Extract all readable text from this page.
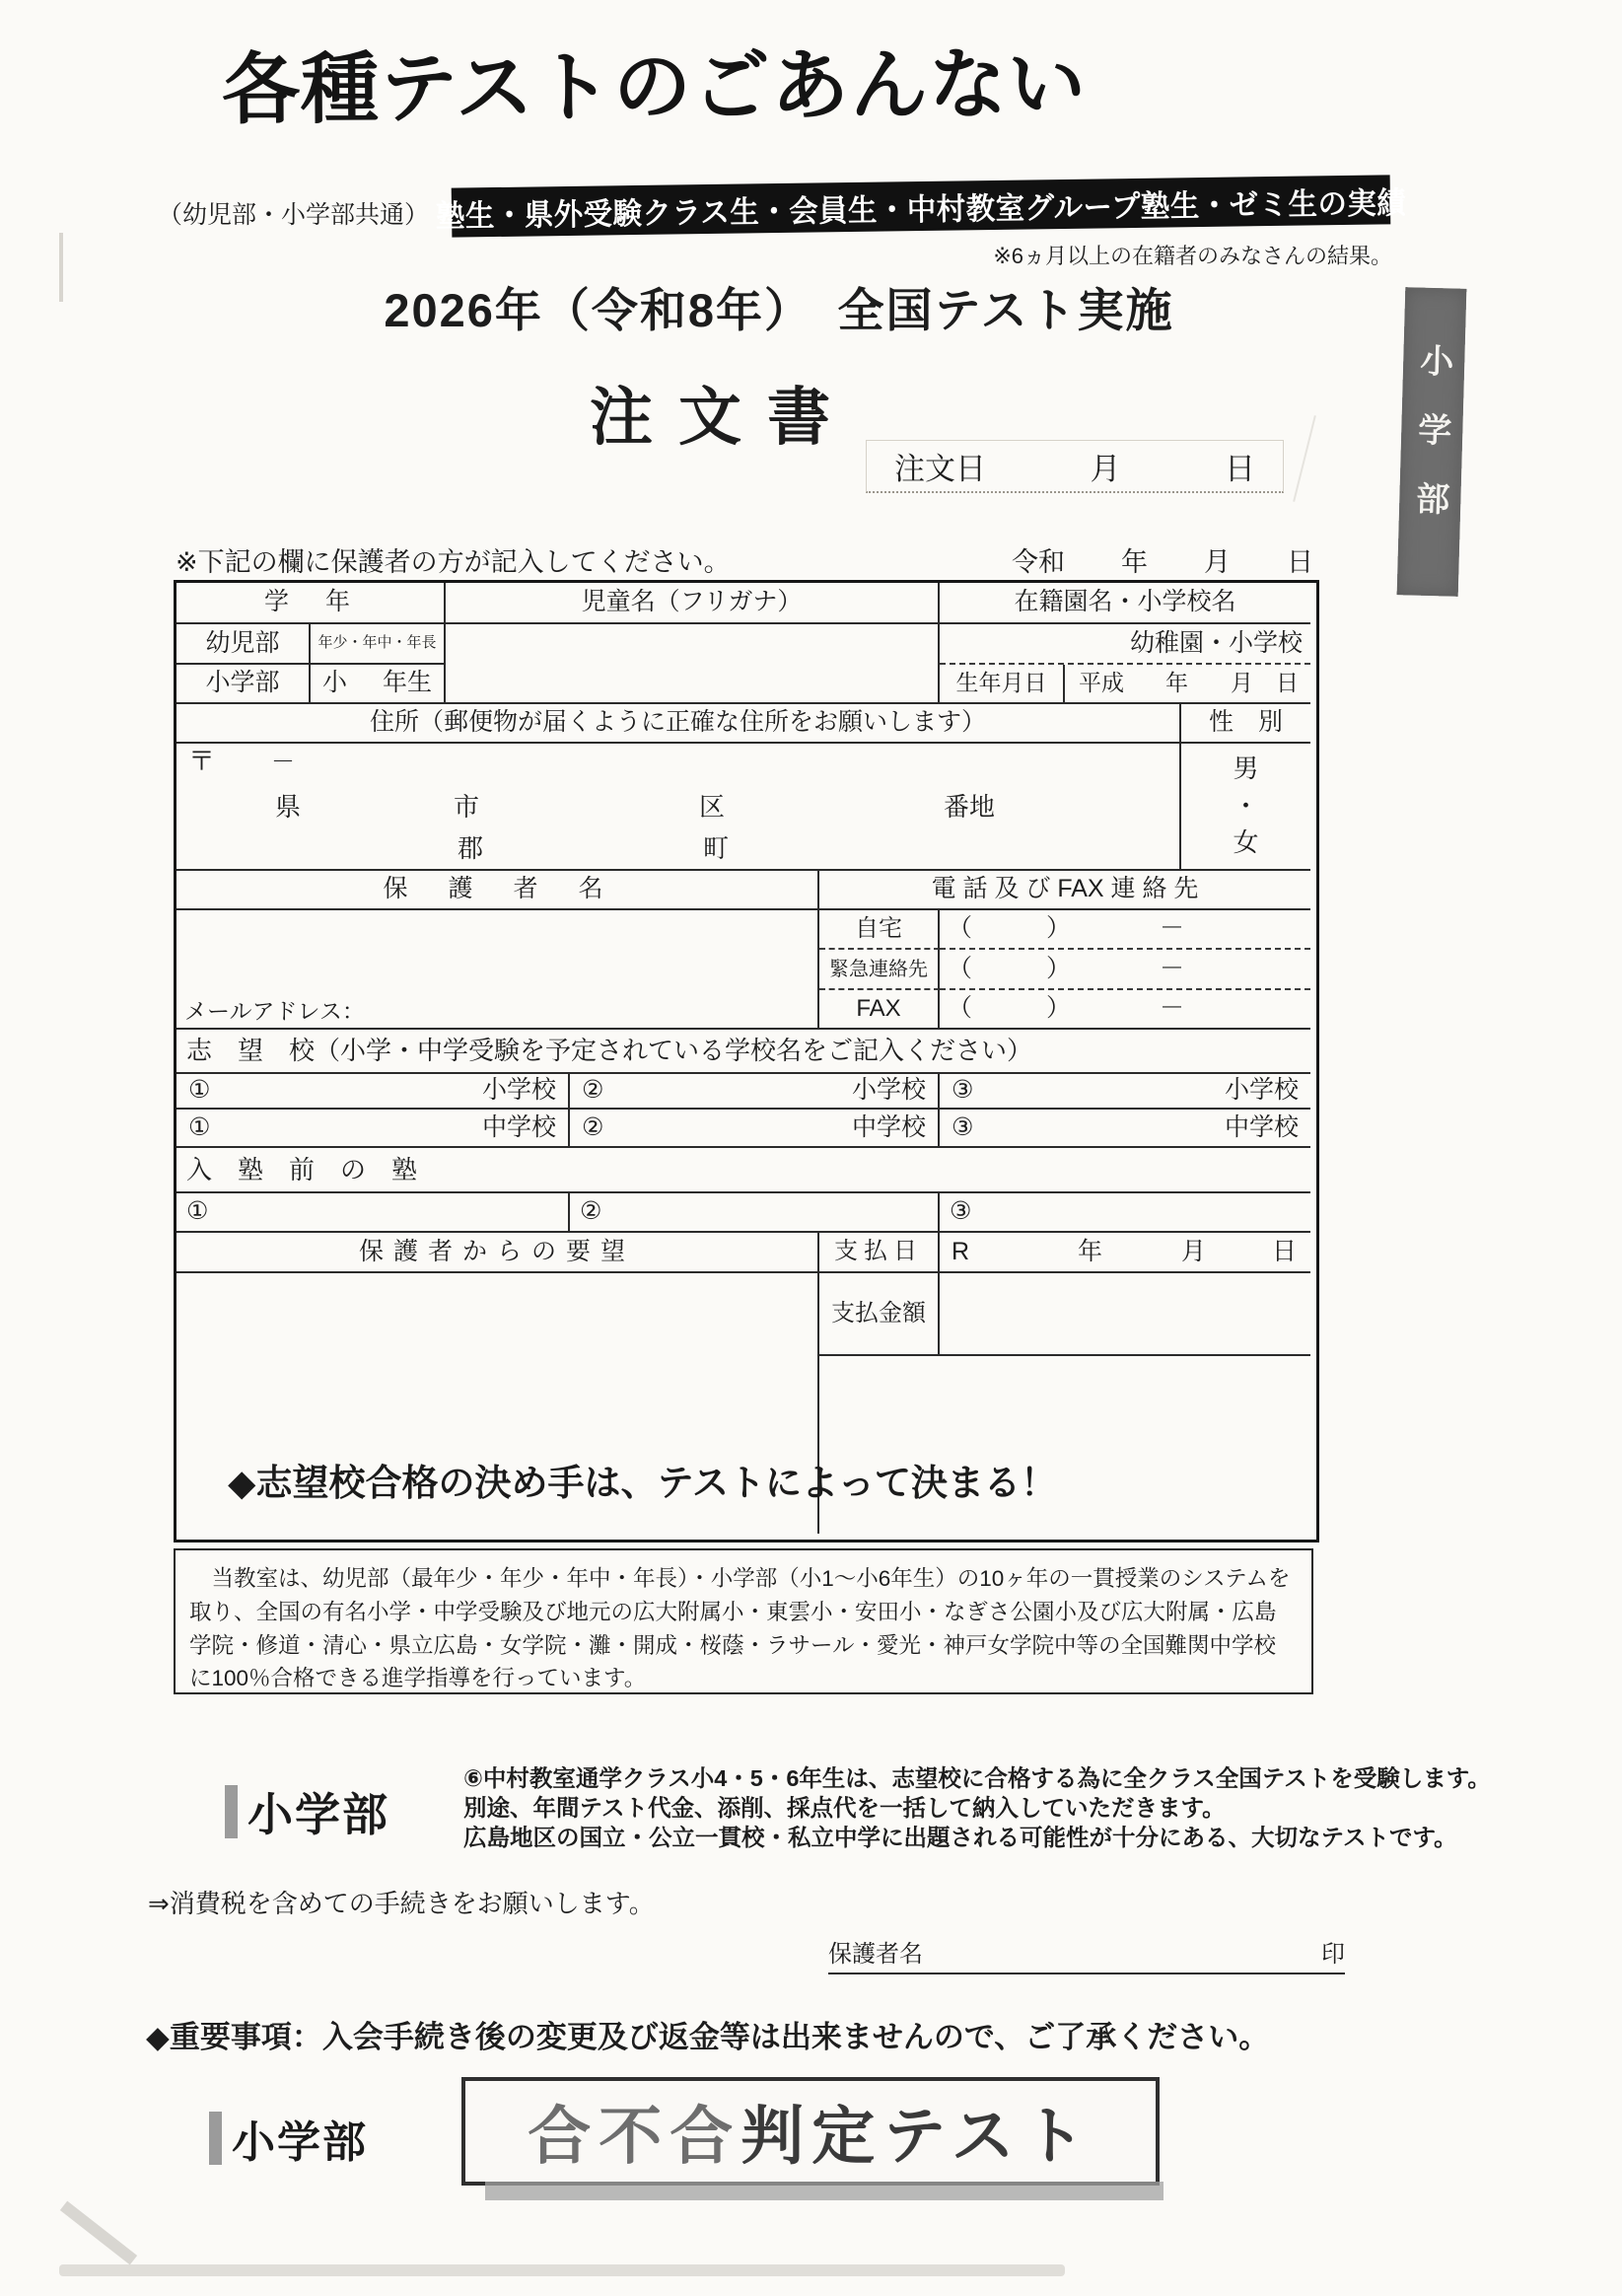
各種テストのごあんない
（幼児部・小学部共通） 塾生・県外受験クラス生・会員生・中村教室グループ塾生・ゼミ生の実績
※6ヵ月以上の在籍者のみなさんの結果。
2026年（令和8年）　全国テスト実施
注文書
注文日	月	日	小学部
※下記の欄に保護者の方が記入してください。	令和 年 月 日
学　年	児童名（フリガナ）	在籍園名・小学校名
幼児部	年少・年中・年長	幼稚園・小学校
小学部	小 年生	生年月日	平成 年 月 日
住所（郵便物が届くように正確な住所をお願いします）	性　別
〒 －
県	市	区	番地
郡	町
男
・
女
保　護　者　名	電 話 及 び FAX 連 絡 先
メールアドレス：
自宅	（	）	－
緊急連絡先 （	）	－
FAX	（	）	－
志　望　校（小学・中学受験を予定されている学校名をご記入ください）
①	小学校 ②	小学校 ③	小学校
①	中学校 ②	中学校 ③	中学校
入　塾　前　の　塾
①	②	③
保護者からの要望	支払日	R	年	月	日
支払金額
◆志望校合格の決め手は、テストによって決まる！
当教室は、幼児部（最年少・年少・年中・年長）・小学部（小1～小6年生）の10ヶ年の一貫授業のシステムを取り、全国の有名小学・中学受験及び地元の広大附属小・東雲小・安田小・なぎさ公園小及び広大附属・広島学院・修道・清心・県立広島・女学院・灘・開成・桜蔭・ラサール・愛光・神戸女学院中等の全国難関中学校に100％合格できる進学指導を行っています。
小学部
⑥中村教室通学クラス小4・5・6年生は、志望校に合格する為に全クラス全国テストを受験します。
別途、年間テスト代金、添削、採点代を一括して納入していただきます。
広島地区の国立・公立一貫校・私立中学に出題される可能性が十分にある、大切なテストです。
⇒消費税を含めての手続きをお願いします。
保護者名	印
◆重要事項：入会手続き後の変更及び返金等は出来ませんので、ご了承ください。
小学部	合不合 判定テスト
